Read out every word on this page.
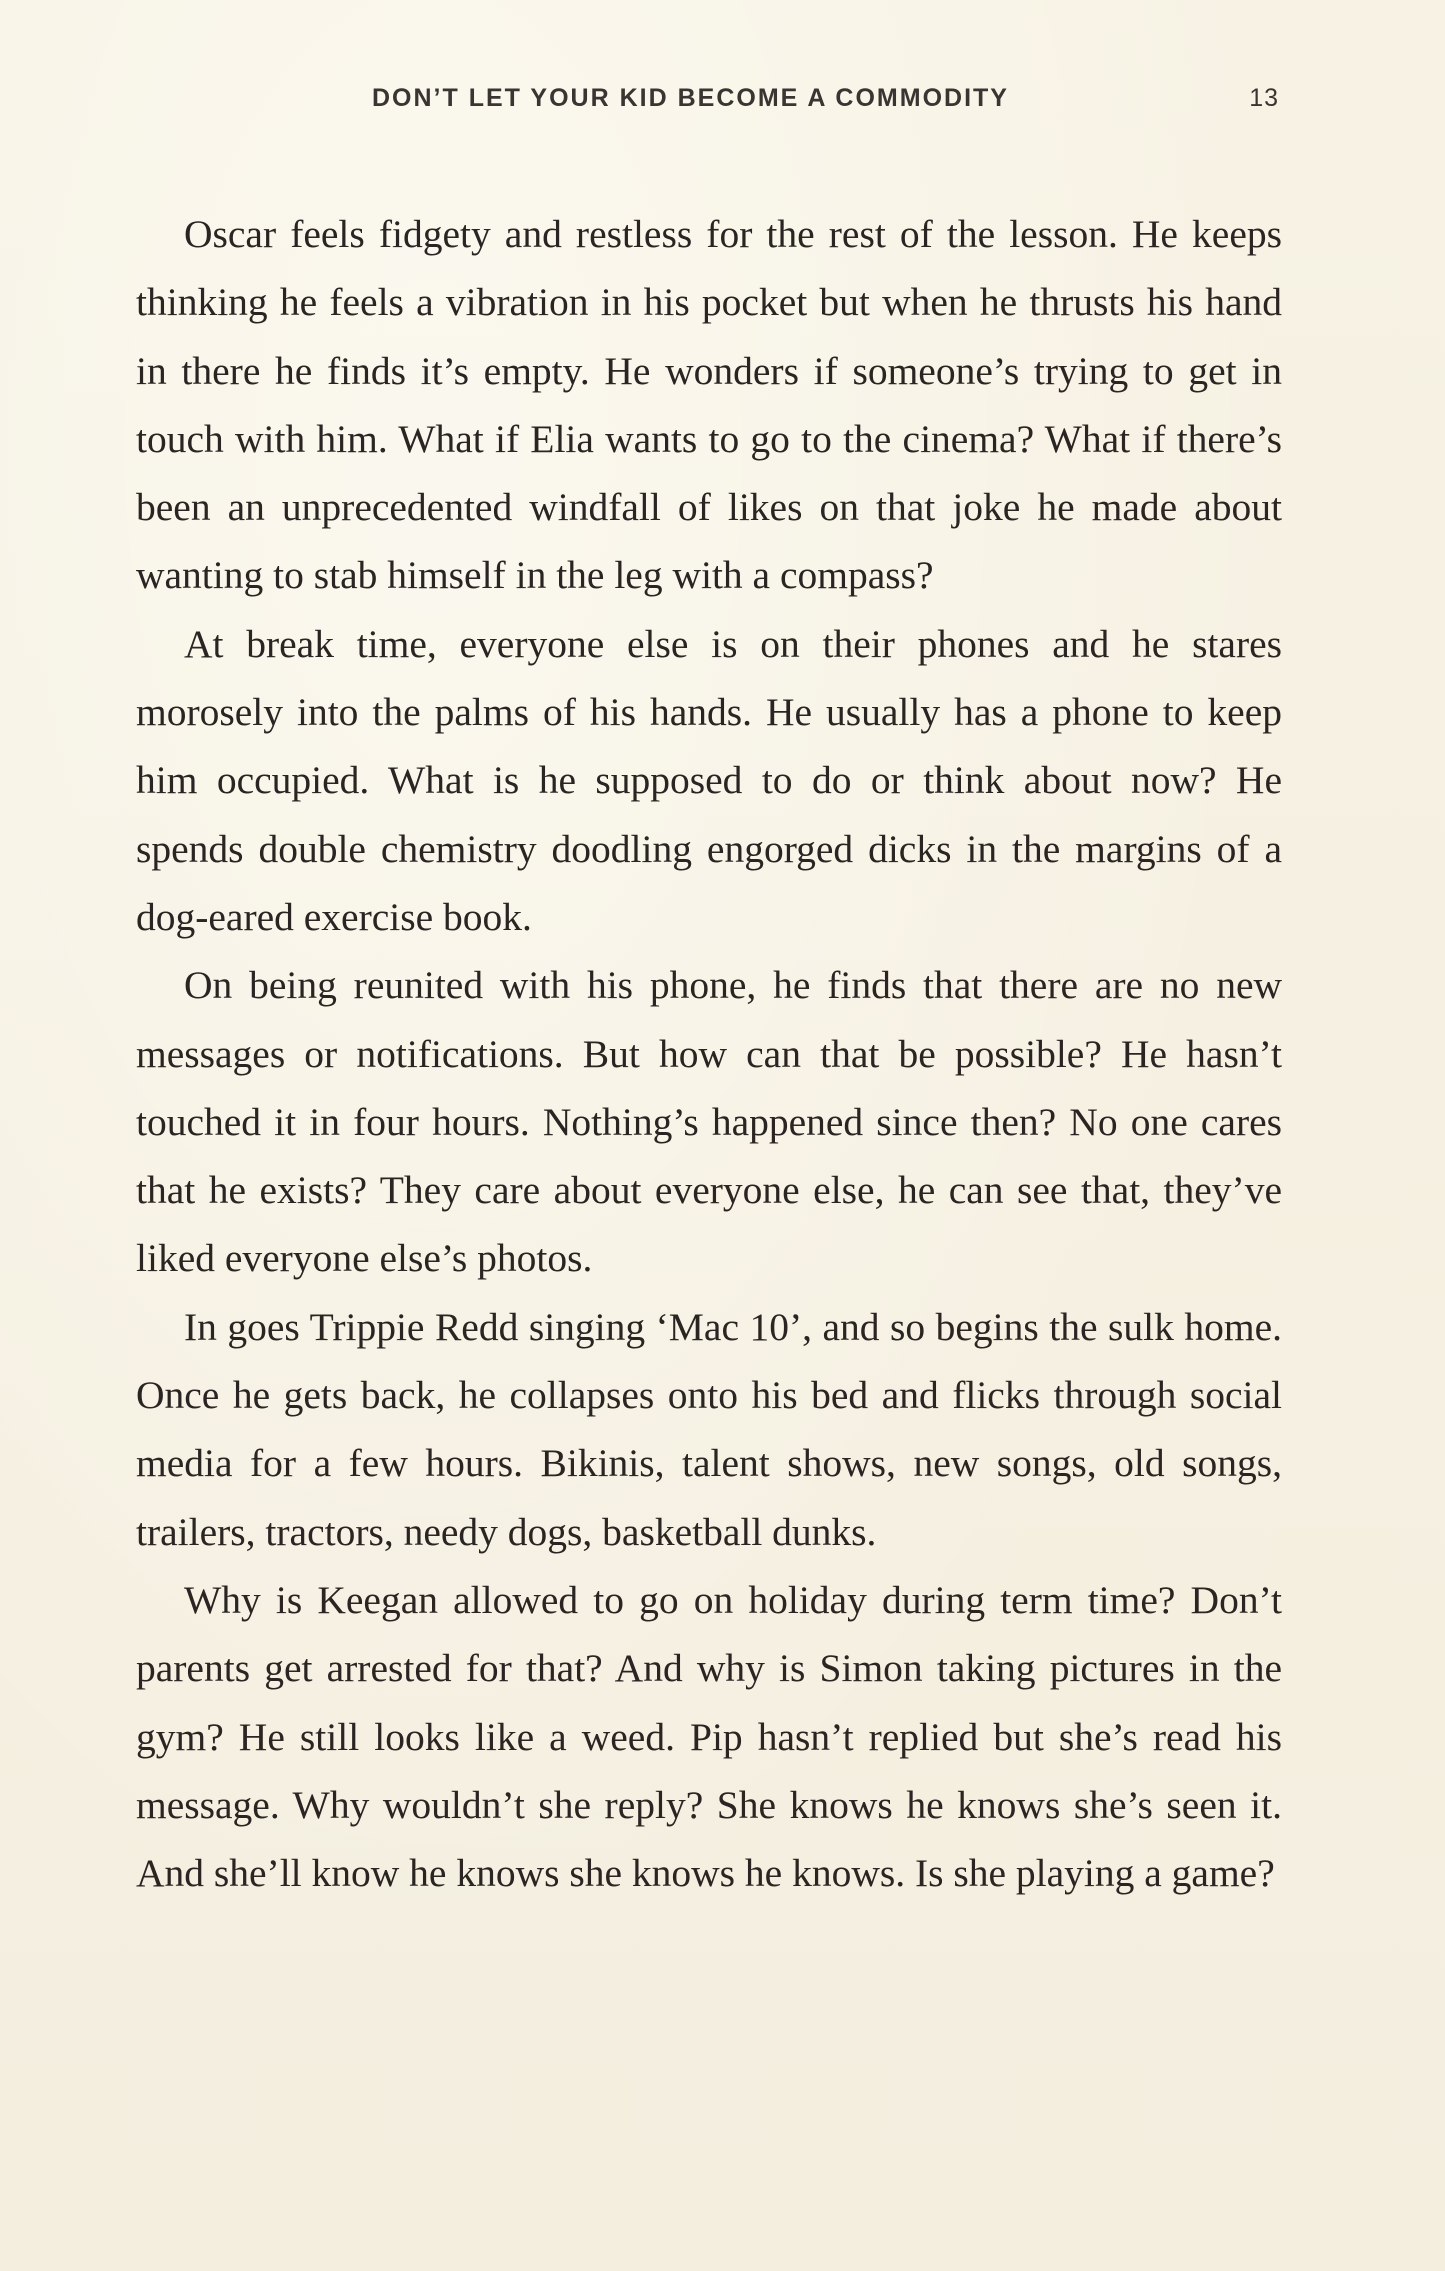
DON’T LET YOUR KID BECOME A COMMODITY	13

Oscar feels fidgety and restless for the rest of the lesson. He keeps thinking he feels a vibration in his pocket but when he thrusts his hand in there he finds it’s empty. He wonders if someone’s trying to get in touch with him. What if Elia wants to go to the cinema? What if there’s been an unprecedented windfall of likes on that joke he made about wanting to stab himself in the leg with a compass?

At break time, everyone else is on their phones and he stares morosely into the palms of his hands. He usually has a phone to keep him occupied. What is he supposed to do or think about now? He spends double chemistry doodling engorged dicks in the margins of a dog-eared exercise book.

On being reunited with his phone, he finds that there are no new messages or notifications. But how can that be possible? He hasn’t touched it in four hours. Nothing’s happened since then? No one cares that he exists? They care about everyone else, he can see that, they’ve liked everyone else’s photos.

In goes Trippie Redd singing ‘Mac 10’, and so begins the sulk home. Once he gets back, he collapses onto his bed and flicks through social media for a few hours. Bikinis, talent shows, new songs, old songs, trailers, tractors, needy dogs, basketball dunks.

Why is Keegan allowed to go on holiday during term time? Don’t parents get arrested for that? And why is Simon taking pictures in the gym? He still looks like a weed. Pip hasn’t replied but she’s read his message. Why wouldn’t she reply? She knows he knows she’s seen it. And she’ll know he knows she knows he knows. Is she playing a game?
